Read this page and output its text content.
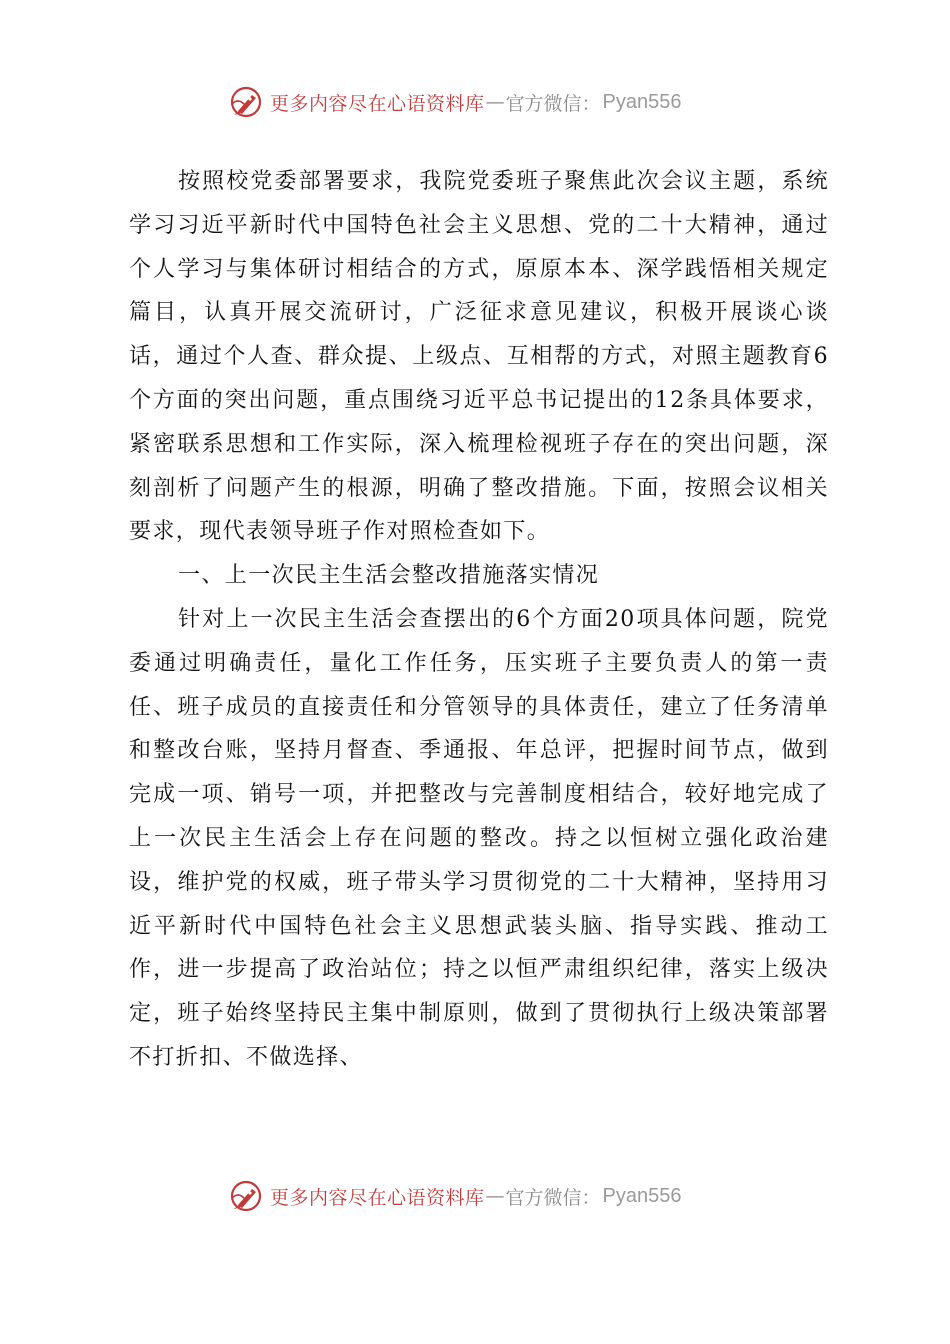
更多内容尽在心语资料库 — 官方微信： Pyan556

按照校党委部署要求，我院党委班子聚焦此次会议主题，系统学习习近平新时代中国特色社会主义思想、党的二十大精神，通过个人学习与集体研讨相结合的方式，原原本本、深学践悟相关规定篇目，认真开展交流研讨，广泛征求意见建议，积极开展谈心谈话，通过个人查、群众提、上级点、互相帮的方式，对照主题教育6个方面的突出问题，重点围绕习近平总书记提出的12条具体要求，紧密联系思想和工作实际，深入梳理检视班子存在的突出问题，深刻剖析了问题产生的根源，明确了整改措施。下面，按照会议相关要求，现代表领导班子作对照检查如下。

一、上一次民主生活会整改措施落实情况

针对上一次民主生活会查摆出的6个方面20项具体问题，院党委通过明确责任，量化工作任务，压实班子主要负责人的第一责任、班子成员的直接责任和分管领导的具体责任，建立了任务清单和整改台账，坚持月督查、季通报、年总评，把握时间节点，做到完成一项、销号一项，并把整改与完善制度相结合，较好地完成了上一次民主生活会上存在问题的整改。持之以恒树立强化政治建设，维护党的权威，班子带头学习贯彻党的二十大精神，坚持用习近平新时代中国特色社会主义思想武装头脑、指导实践、推动工作，进一步提高了政治站位；持之以恒严肃组织纪律，落实上级决定，班子始终坚持民主集中制原则，做到了贯彻执行上级决策部署不打折扣、不做选择、

更多内容尽在心语资料库 — 官方微信： Pyan556
